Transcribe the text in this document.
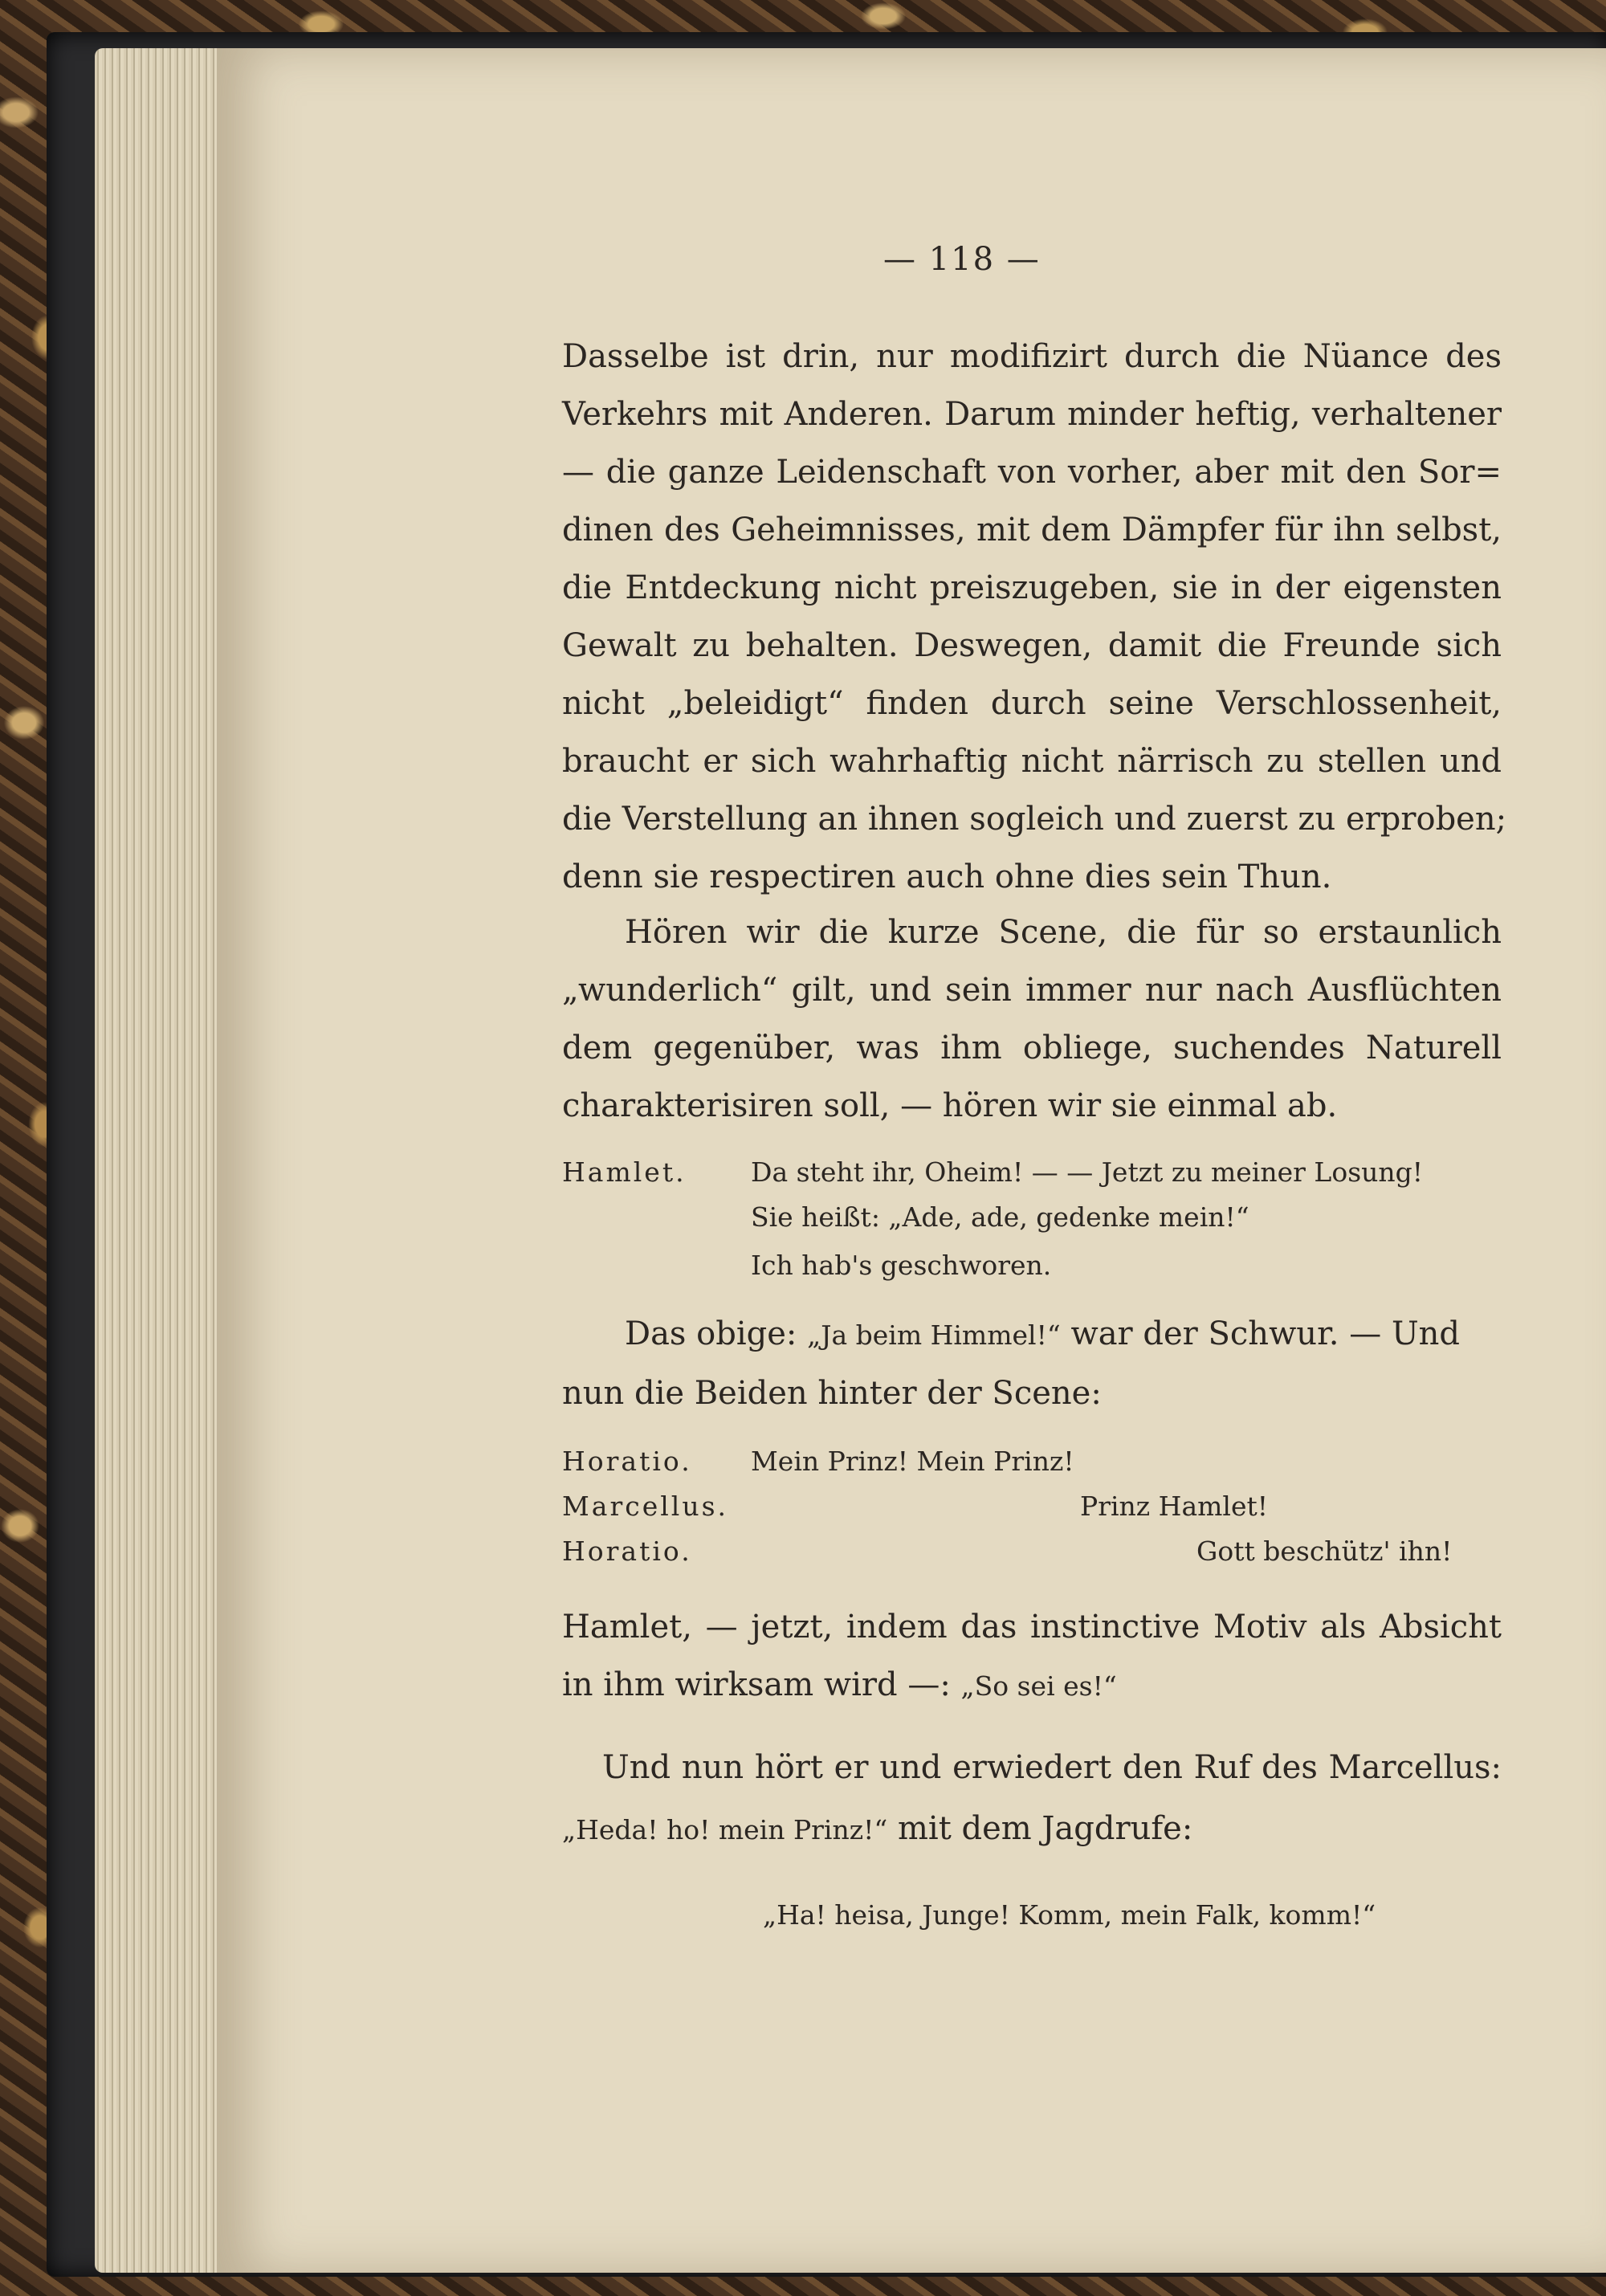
— 118 —
Dasselbe ist drin, nur modifizirt durch die Nüance des
Verkehrs mit Anderen. Darum minder heftig, verhaltener
— die ganze Leidenschaft von vorher, aber mit den Sor=
dinen des Geheimnisses, mit dem Dämpfer für ihn selbst,
die Entdeckung nicht preiszugeben, sie in der eigensten
Gewalt zu behalten. Deswegen, damit die Freunde sich
nicht „beleidigt“ finden durch seine Verschlossenheit,
braucht er sich wahrhaftig nicht närrisch zu stellen und
die Verstellung an ihnen sogleich und zuerst zu erproben;
denn sie respectiren auch ohne dies sein Thun.
Hören wir die kurze Scene, die für so erstaunlich
„wunderlich“ gilt, und sein immer nur nach Ausflüchten
dem gegenüber, was ihm obliege, suchendes Naturell
charakterisiren soll, — hören wir sie einmal ab.
Hamlet. Da steht ihr, Oheim! — — Jetzt zu meiner Losung!
Sie heißt: „Ade, ade, gedenke mein!“
Ich hab's geschworen.
Das obige: „Ja beim Himmel!“ war der Schwur. — Und
nun die Beiden hinter der Scene:
Horatio. Mein Prinz! Mein Prinz!
Marcellus.	Prinz Hamlet!
Horatio.	Gott beschütz' ihn!
Hamlet, — jetzt, indem das instinctive Motiv als Absicht
in ihm wirksam wird —: „So sei es!“
Und nun hört er und erwiedert den Ruf des Marcellus:
„Heda! ho! mein Prinz!“ mit dem Jagdrufe:
„Ha! heisa, Junge! Komm, mein Falk, komm!“
